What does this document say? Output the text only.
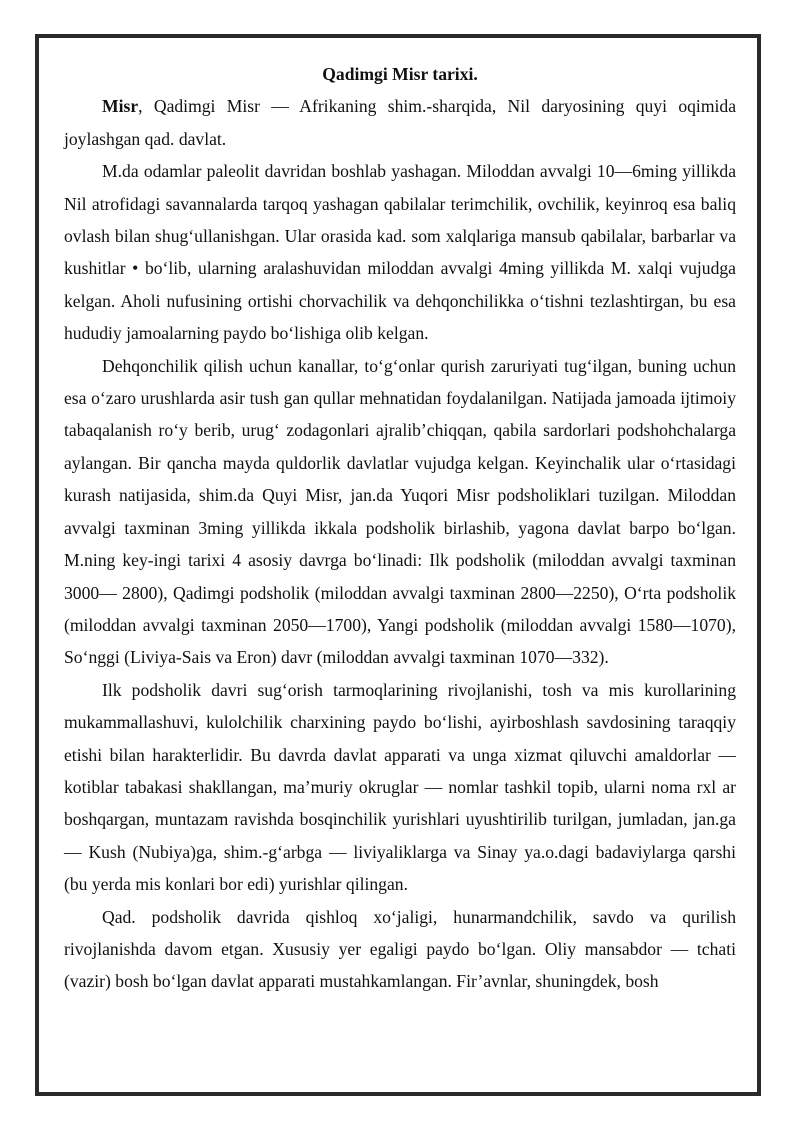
Qadimgi Misr tarixi.

Misr, Qadimgi Misr — Afrikaning shim.-sharqida, Nil daryosining quyi oqimida joylashgan qad. davlat.

M.da odamlar paleolit davridan boshlab yashagan. Miloddan avvalgi 10—6ming yillikda Nil atrofidagi savannalarda tarqoq yashagan qabilalar terimchilik, ovchilik, keyinroq esa baliq ovlash bilan shug‘ullanishgan. Ular orasida kad. som xalqlariga mansub qabilalar, barbarlar va kushitlar • bo‘lib, ularning aralashuvidan miloddan avvalgi 4ming yillikda M. xalqi vujudga kelgan. Aholi nufusining ortishi chorvachilik va dehqonchilikka o‘tishni tezlashtirgan, bu esa hududiy jamoalarning paydo bo‘lishiga olib kelgan.

Dehqonchilik qilish uchun kanallar, to‘g‘onlar qurish zaruriyati tug‘ilgan, buning uchun esa o‘zaro urushlarda asir tush gan qullar mehnatidan foydalanilgan. Natijada jamoada ijtimoiy tabaqalanish ro‘y berib, urug‘ zodagonlari ajralib’chiqqan, qabila sardorlari podshohchalarga aylangan. Bir qancha mayda quldorlik davlatlar vujudga kelgan. Keyinchalik ular o‘rtasidagi kurash natijasida, shim.da Quyi Misr, jan.da Yuqori Misr podsholiklari tuzilgan. Miloddan avvalgi taxminan 3ming yillikda ikkala podsholik birlashib, yagona davlat barpo bo‘lgan. M.ning key-ingi tarixi 4 asosiy davrga bo‘linadi: Ilk podsholik (miloddan avvalgi taxminan 3000— 2800), Qadimgi podsholik (miloddan avvalgi taxminan 2800—2250), O‘rta podsholik (miloddan avvalgi taxminan 2050—1700), Yangi podsholik (miloddan avvalgi 1580—1070), So‘nggi (Liviya-Sais va Eron) davr (miloddan avvalgi taxminan 1070—332).

Ilk podsholik davri sug‘orish tarmoqlarining rivojlanishi, tosh va mis kurollarining mukammallashuvi, kulolchilik charxining paydo bo‘lishi, ayirboshlash savdosining taraqqiy etishi bilan harakterlidir. Bu davrda davlat apparati va unga xizmat qiluvchi amaldorlar — kotiblar tabakasi shakllangan, ma’muriy okruglar — nomlar tashkil topib, ularni noma rxl ar boshqargan, muntazam ravishda bosqinchilik yurishlari uyushtirilib turilgan, jumladan, jan.ga — Kush (Nubiya)ga, shim.-g‘arbga — liviyaliklarga va Sinay ya.o.dagi badaviylarga qarshi (bu yerda mis konlari bor edi) yurishlar qilingan.

Qad. podsholik davrida qishloq xo‘jaligi, hunarmandchilik, savdo va qurilish rivojlanishda davom etgan. Xususiy yer egaligi paydo bo‘lgan. Oliy mansabdor — tchati (vazir) bosh bo‘lgan davlat apparati mustahkamlangan. Fir’avnlar, shuningdek, bosh
